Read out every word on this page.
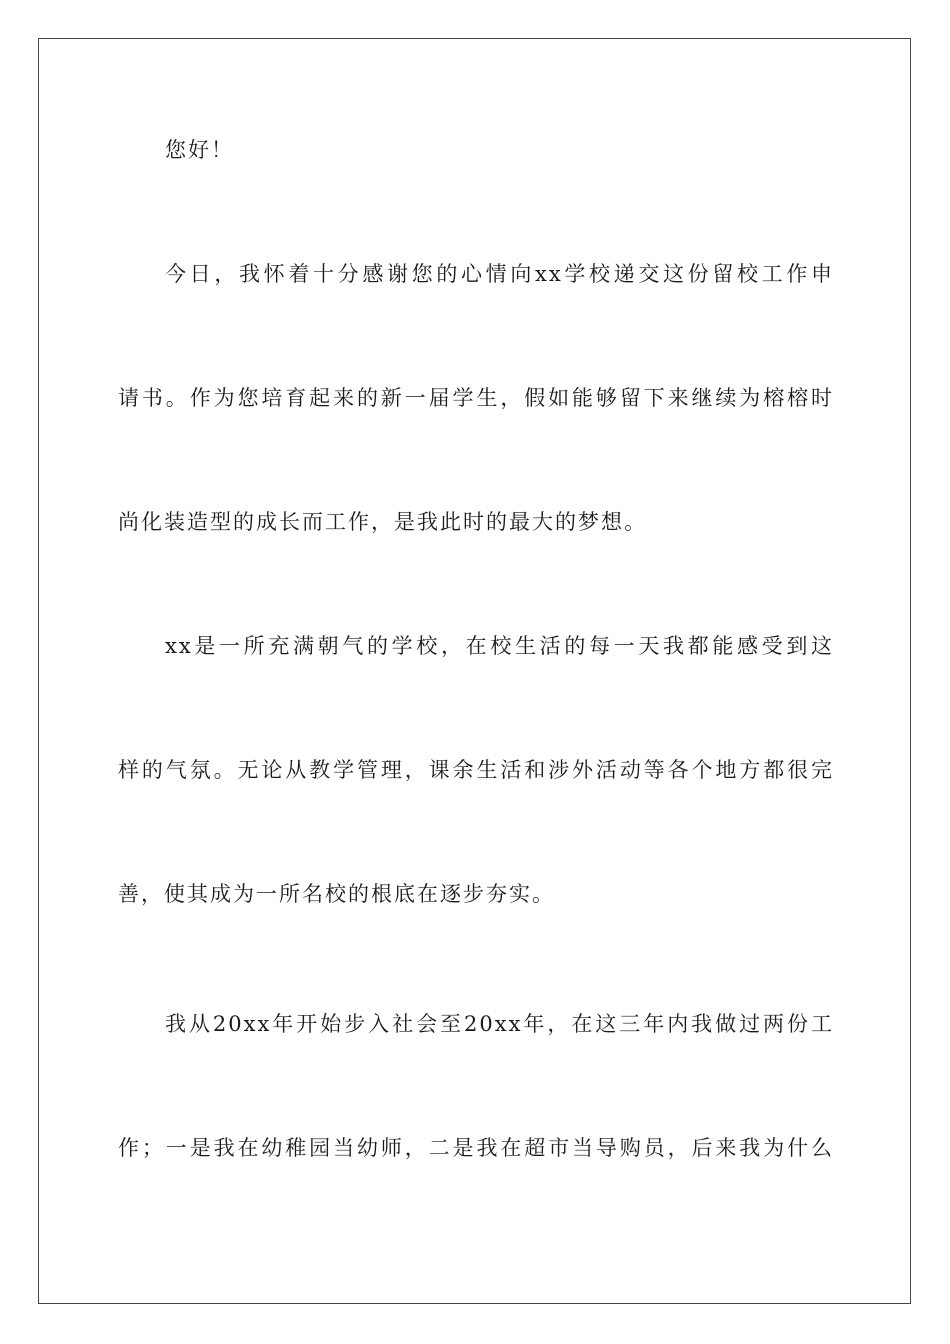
您好！
今日，我怀着十分感谢您的心情向xx学校递交这份留校工作申
请书。作为您培育起来的新一届学生，假如能够留下来继续为榕榕时
尚化装造型的成长而工作，是我此时的最大的梦想。
xx是一所充满朝气的学校，在校生活的每一天我都能感受到这
样的气氛。无论从教学管理，课余生活和涉外活动等各个地方都很完
善，使其成为一所名校的根底在逐步夯实。
我从20xx年开始步入社会至20xx年，在这三年内我做过两份工
作；一是我在幼稚园当幼师，二是我在超市当导购员，后来我为什么
